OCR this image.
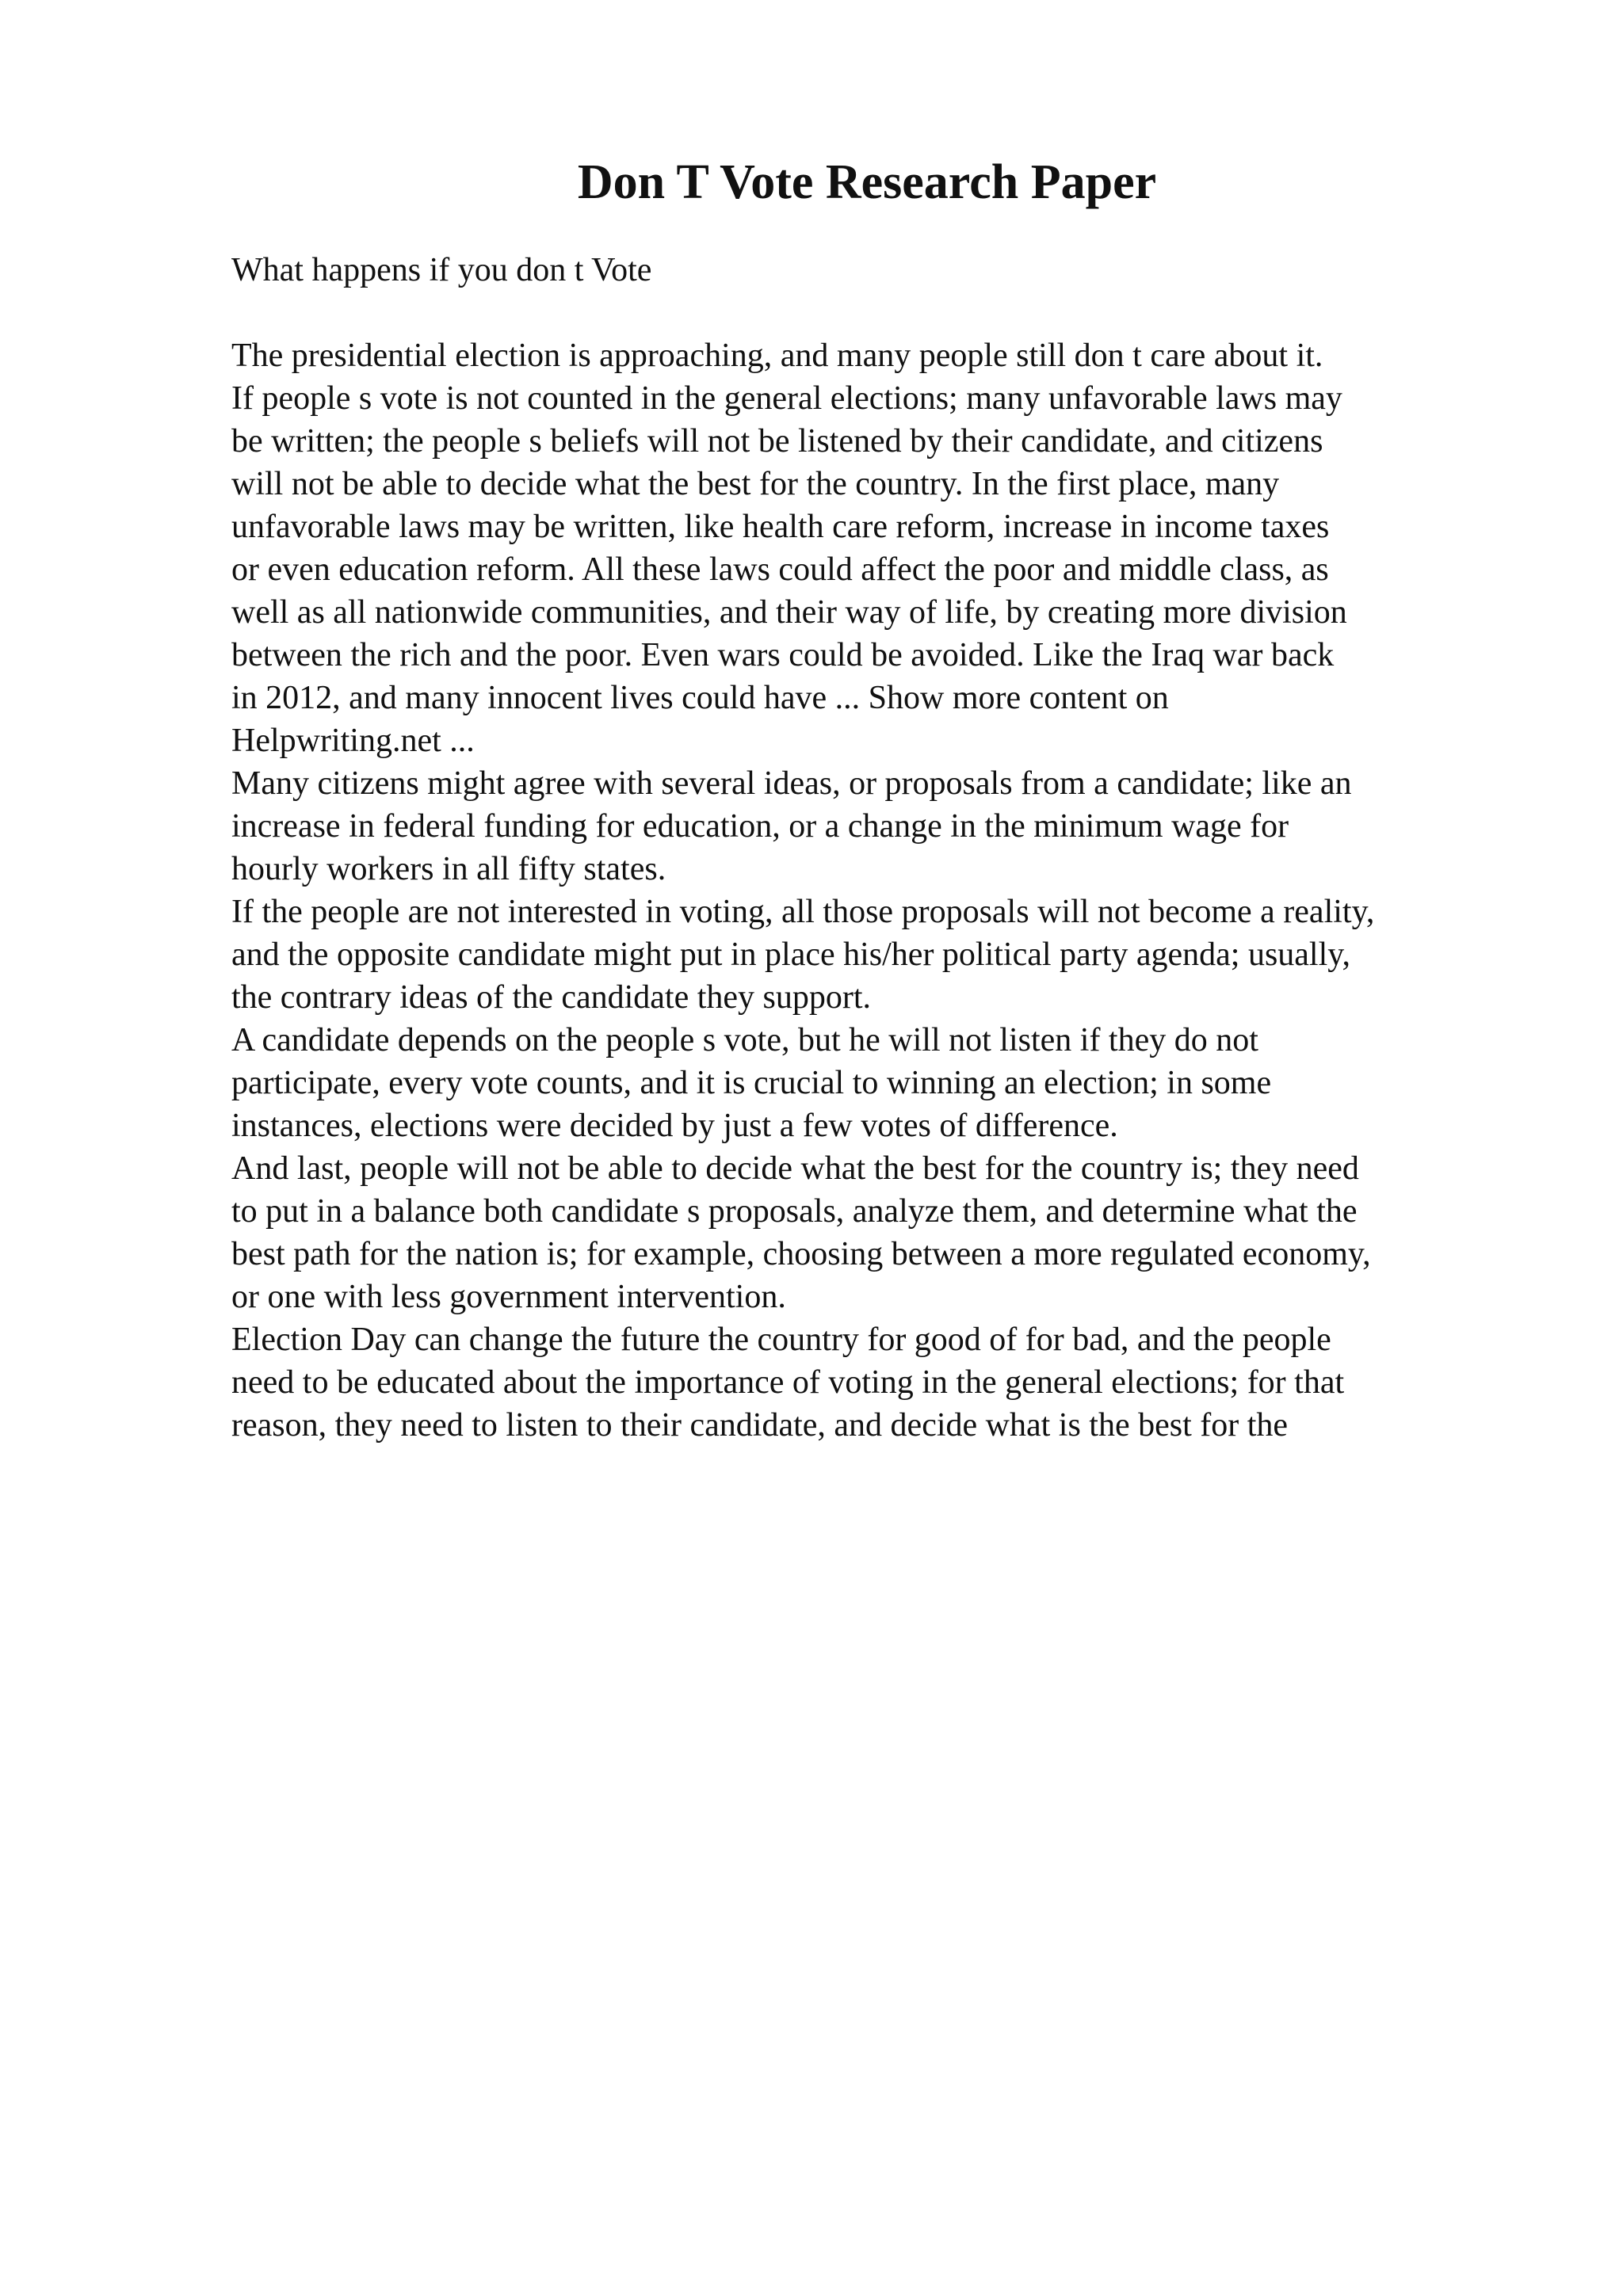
Don T Vote Research Paper
What happens if you don t Vote
The presidential election is approaching, and many people still don t care about it.
If people s vote is not counted in the general elections; many unfavorable laws may
be written; the people s beliefs will not be listened by their candidate, and citizens
will not be able to decide what the best for the country. In the first place, many
unfavorable laws may be written, like health care reform, increase in income taxes
or even education reform. All these laws could affect the poor and middle class, as
well as all nationwide communities, and their way of life, by creating more division
between the rich and the poor. Even wars could be avoided. Like the Iraq war back
in 2012, and many innocent lives could have ... Show more content on
Helpwriting.net ...
Many citizens might agree with several ideas, or proposals from a candidate; like an
increase in federal funding for education, or a change in the minimum wage for
hourly workers in all fifty states.
If the people are not interested in voting, all those proposals will not become a reality,
and the opposite candidate might put in place his/her political party agenda; usually,
the contrary ideas of the candidate they support.
A candidate depends on the people s vote, but he will not listen if they do not
participate, every vote counts, and it is crucial to winning an election; in some
instances, elections were decided by just a few votes of difference.
And last, people will not be able to decide what the best for the country is; they need
to put in a balance both candidate s proposals, analyze them, and determine what the
best path for the nation is; for example, choosing between a more regulated economy,
or one with less government intervention.
Election Day can change the future the country for good of for bad, and the people
need to be educated about the importance of voting in the general elections; for that
reason, they need to listen to their candidate, and decide what is the best for the
